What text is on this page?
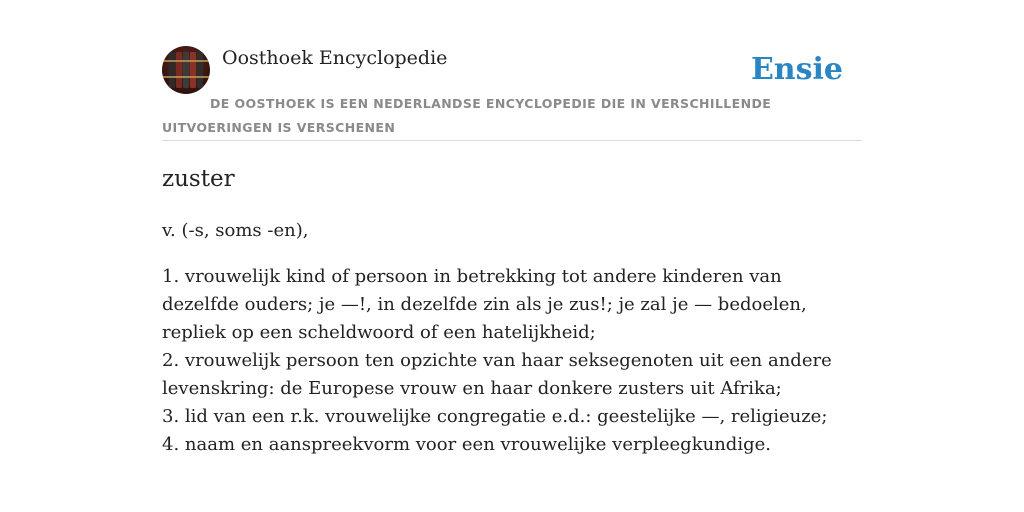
Oosthoek Encyclopedie	Ensie
DE OOSTHOEK IS EEN NEDERLANDSE ENCYCLOPEDIE DIE IN VERSCHILLENDE UITVOERINGEN IS VERSCHENEN
zuster
v. (-s, soms -en),
1. vrouwelijk kind of persoon in betrekking tot andere kinderen van dezelfde ouders; je —!, in dezelfde zin als je zus!; je zal je — bedoelen, repliek op een scheldwoord of een hatelijkheid;
2. vrouwelijk persoon ten opzichte van haar seksegenoten uit een andere levenskring: de Europese vrouw en haar donkere zusters uit Afrika;
3. lid van een r.k. vrouwelijke congregatie e.d.: geestelijke —, religieuze;
4. naam en aanspreekvorm voor een vrouwelijke verpleegkundige.
